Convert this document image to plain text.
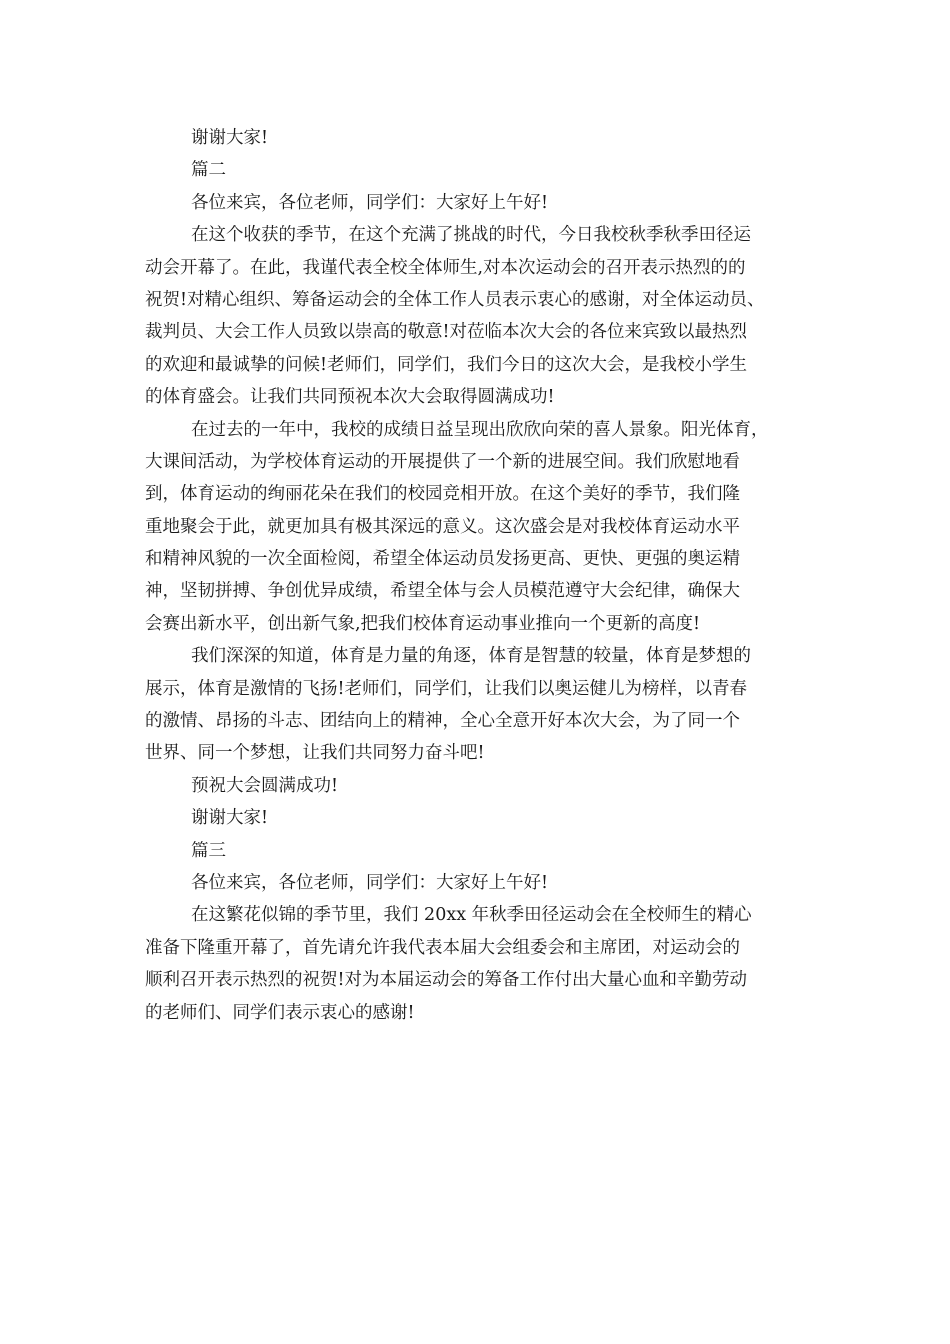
谢谢大家!
篇二
各位来宾，各位老师，同学们：大家好上午好!
在这个收获的季节，在这个充满了挑战的时代，今日我校秋季秋季田径运
动会开幕了。在此，我谨代表全校全体师生,对本次运动会的召开表示热烈的的
祝贺!对精心组织、筹备运动会的全体工作人员表示衷心的感谢，对全体运动员、
裁判员、大会工作人员致以崇高的敬意!对莅临本次大会的各位来宾致以最热烈
的欢迎和最诚挚的问候!老师们，同学们，我们今日的这次大会，是我校小学生
的体育盛会。让我们共同预祝本次大会取得圆满成功!
在过去的一年中，我校的成绩日益呈现出欣欣向荣的喜人景象。阳光体育，
大课间活动，为学校体育运动的开展提供了一个新的进展空间。我们欣慰地看
到，体育运动的绚丽花朵在我们的校园竞相开放。在这个美好的季节，我们隆
重地聚会于此，就更加具有极其深远的意义。这次盛会是对我校体育运动水平
和精神风貌的一次全面检阅，希望全体运动员发扬更高、更快、更强的奥运精
神，坚韧拼搏、争创优异成绩，希望全体与会人员模范遵守大会纪律，确保大
会赛出新水平，创出新气象,把我们校体育运动事业推向一个更新的高度!
我们深深的知道，体育是力量的角逐，体育是智慧的较量，体育是梦想的
展示，体育是激情的飞扬!老师们，同学们，让我们以奥运健儿为榜样，以青春
的激情、昂扬的斗志、团结向上的精神，全心全意开好本次大会，为了同一个
世界、同一个梦想，让我们共同努力奋斗吧!
预祝大会圆满成功!
谢谢大家!
篇三
各位来宾，各位老师，同学们：大家好上午好!
在这繁花似锦的季节里，我们 20xx 年秋季田径运动会在全校师生的精心
准备下隆重开幕了，首先请允许我代表本届大会组委会和主席团，对运动会的
顺利召开表示热烈的祝贺!对为本届运动会的筹备工作付出大量心血和辛勤劳动
的老师们、同学们表示衷心的感谢!
